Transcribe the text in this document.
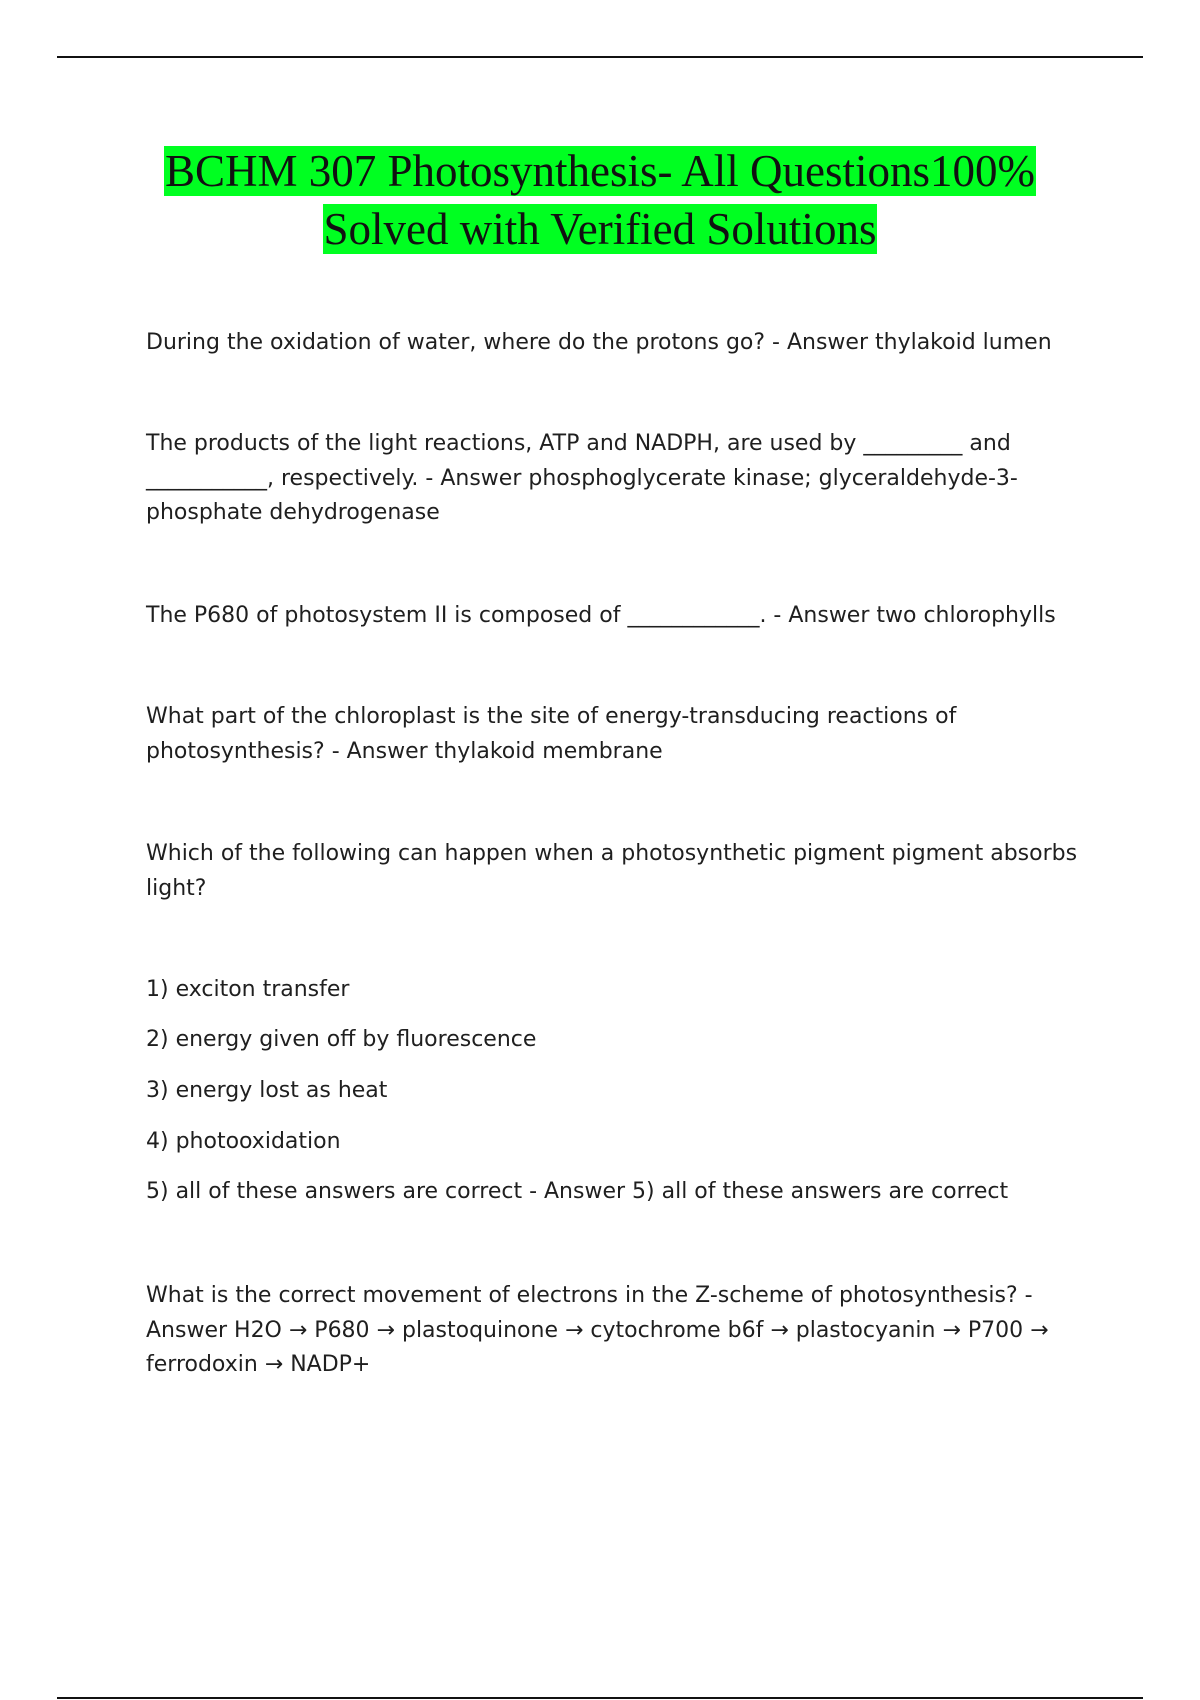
BCHM 307 Photosynthesis- All Questions100%
Solved with Verified Solutions

During the oxidation of water, where do the protons go? - Answer thylakoid lumen

The products of the light reactions, ATP and NADPH, are used by _________ and ___________, respectively. - Answer phosphoglycerate kinase; glyceraldehyde-3-phosphate dehydrogenase

The P680 of photosystem II is composed of ____________. - Answer two chlorophylls

What part of the chloroplast is the site of energy-transducing reactions of photosynthesis? - Answer thylakoid membrane

Which of the following can happen when a photosynthetic pigment pigment absorbs light?

1) exciton transfer

2) energy given off by fluorescence

3) energy lost as heat

4) photooxidation

5) all of these answers are correct - Answer 5) all of these answers are correct

What is the correct movement of electrons in the Z-scheme of photosynthesis? - Answer H2O → P680 → plastoquinone → cytochrome b6f → plastocyanin → P700 → ferrodoxin → NADP+
